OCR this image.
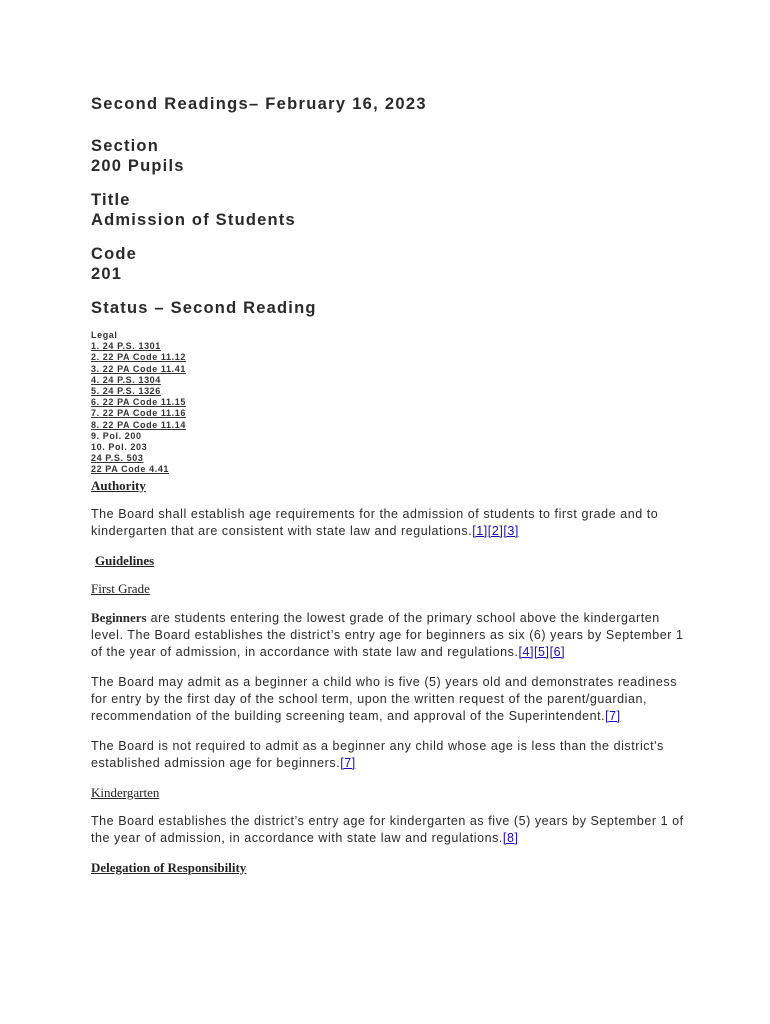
Second Readings– February 16, 2023
Section
200 Pupils
Title
Admission of Students
Code
201
Status – Second Reading
Legal
1. 24 P.S. 1301
2. 22 PA Code 11.12
3. 22 PA Code 11.41
4. 24 P.S. 1304
5. 24 P.S. 1326
6. 22 PA Code 11.15
7. 22 PA Code 11.16
8. 22 PA Code 11.14
9. Pol. 200
10. Pol. 203
24 P.S. 503
22 PA Code 4.41
Authority

The Board shall establish age requirements for the admission of students to first grade and to kindergarten that are consistent with state law and regulations.[1][2][3]

Guidelines
First Grade

Beginners are students entering the lowest grade of the primary school above the kindergarten level. The Board establishes the district’s entry age for beginners as six (6) years by September 1 of the year of admission, in accordance with state law and regulations.[4][5][6]

The Board may admit as a beginner a child who is five (5) years old and demonstrates readiness for entry by the first day of the school term, upon the written request of the parent/guardian, recommendation of the building screening team, and approval of the Superintendent.[7]

The Board is not required to admit as a beginner any child whose age is less than the district's established admission age for beginners.[7]

Kindergarten

The Board establishes the district’s entry age for kindergarten as five (5) years by September 1 of the year of admission, in accordance with state law and regulations.[8]

Delegation of Responsibility
